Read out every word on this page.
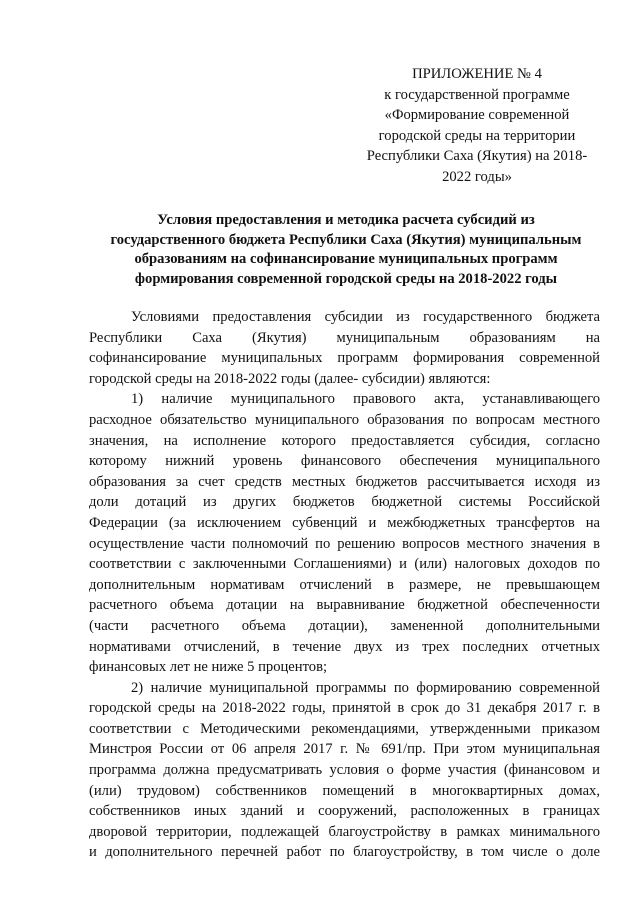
ПРИЛОЖЕНИЕ № 4
к государственной программе
«Формирование современной
городской среды на территории
Республики Саха (Якутия) на 2018-
2022 годы»
Условия предоставления и методика расчета субсидий из
государственного бюджета Республики Саха (Якутия) муниципальным
образованиям на софинансирование муниципальных программ
формирования современной городской среды на 2018-2022 годы
Условиями предоставления субсидии из государственного бюджета
Республики Саха (Якутия) муниципальным образованиям на
софинансирование муниципальных программ формирования современной
городской среды на 2018-2022 годы (далее- субсидии) являются:
1) наличие муниципального правового акта, устанавливающего
расходное обязательство муниципального образования по вопросам местного
значения, на исполнение которого предоставляется субсидия, согласно
которому нижний уровень финансового обеспечения муниципального
образования за счет средств местных бюджетов рассчитывается исходя из
доли дотаций из других бюджетов бюджетной системы Российской
Федерации (за исключением субвенций и межбюджетных трансфертов на
осуществление части полномочий по решению вопросов местного значения в
соответствии с заключенными Соглашениями) и (или) налоговых доходов по
дополнительным нормативам отчислений в размере, не превышающем
расчетного объема дотации на выравнивание бюджетной обеспеченности
(части расчетного объема дотации), замененной дополнительными
нормативами отчислений, в течение двух из трех последних отчетных
финансовых лет не ниже 5 процентов;
2) наличие муниципальной программы по формированию современной
городской среды на 2018-2022 годы, принятой в срок до 31 декабря 2017 г. в
соответствии с Методическими рекомендациями, утвержденными приказом
Минстроя России от 06 апреля 2017 г. № 691/пр. При этом муниципальная
программа должна предусматривать условия о форме участия (финансовом и
(или) трудовом) собственников помещений в многоквартирных домах,
собственников иных зданий и сооружений, расположенных в границах
дворовой территории, подлежащей благоустройству в рамках минимального
и дополнительного перечней работ по благоустройству, в том числе о доле
